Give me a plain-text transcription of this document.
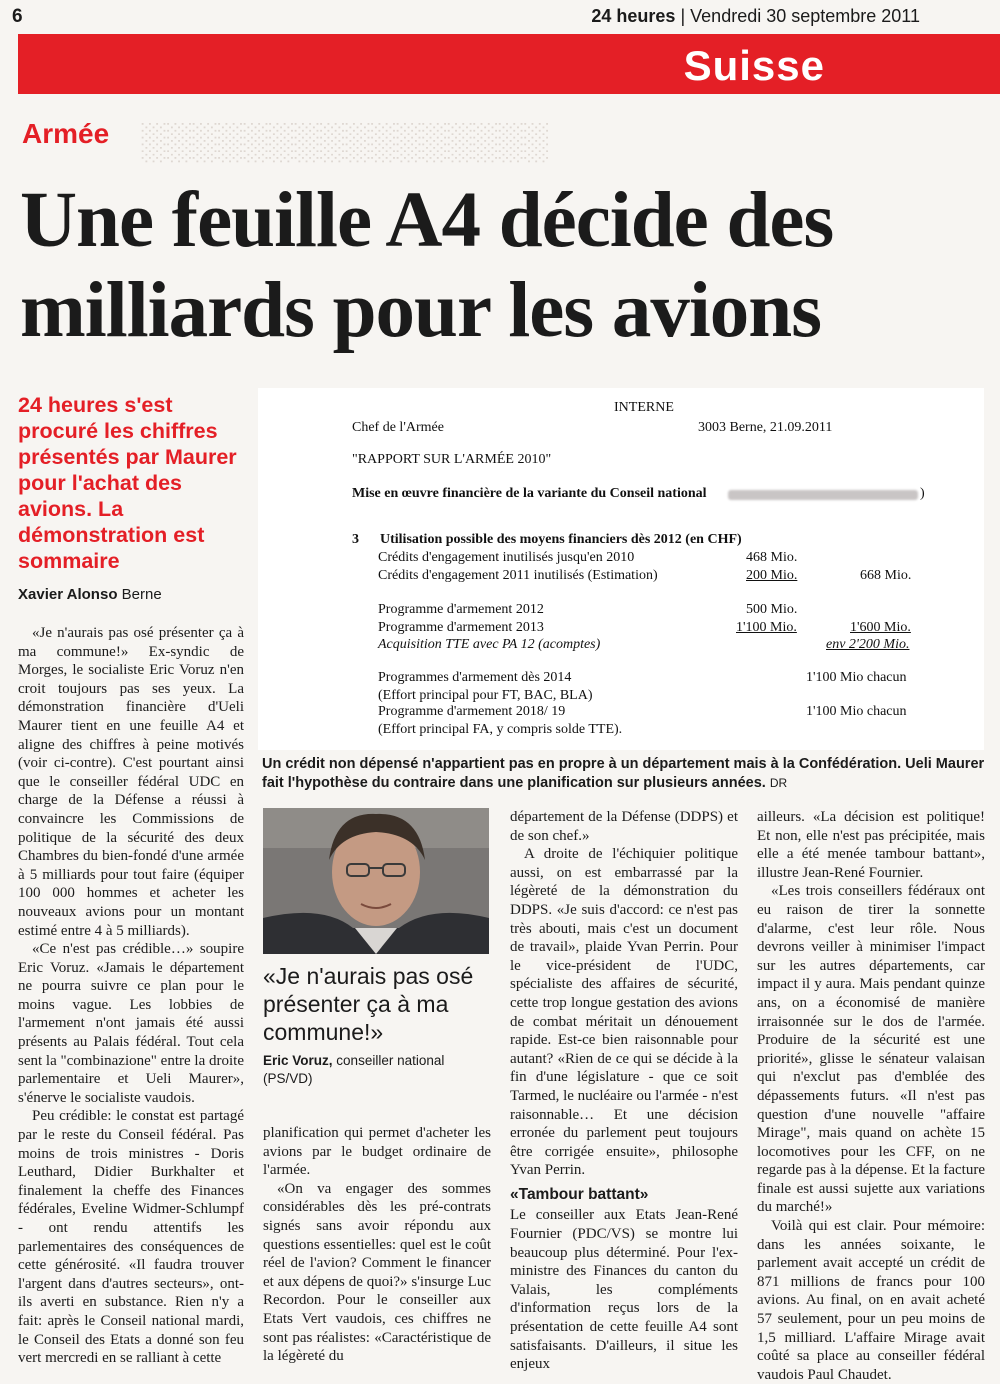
6	24 heures | Vendredi 30 septembre 2011
Suisse
░░░░░░░░░░░░░░░░
Armée
Une feuille A4 décide des milliards pour les avions
24 heures s'est procuré les chiffres présentés par Maurer pour l'achat des avions. La démonstration est sommaire
Xavier Alonso Berne
INTERNE
Chef de l'Armée	3003 Berne, 21.09.2011
"RAPPORT SUR L'ARMÉE 2010"
Mise en œuvre financière de la variante du Conseil national	)
3 Utilisation possible des moyens financiers dès 2012 (en CHF)
Crédits d'engagement inutilisés jusqu'en 2010	468 Mio.
Crédits d'engagement 2011 inutilisés (Estimation)	200 Mio.	668 Mio.
Programme d'armement 2012	500 Mio.
Programme d'armement 2013	1'100 Mio.	1'600 Mio.
Acquisition TTE avec PA 12 (acomptes)	env 2'200 Mio.
Programmes d'armement dès 2014	1'100 Mio chacun
(Effort principal pour FT, BAC, BLA)
Programme d'armement 2018/ 19	1'100 Mio chacun
(Effort principal FA, y compris solde TTE).
Un crédit non dépensé n'appartient pas en propre à un département mais à la Confédération. Ueli Maurer fait l'hypothèse du contraire dans une planification sur plusieurs années. DR
«Je n'aurais pas osé présenter ça à ma commune!»
Eric Voruz, conseiller national (PS/VD)

«Je n'aurais pas osé présenter ça à ma commune!» Ex-syndic de Morges, le socialiste Eric Voruz n'en croit toujours pas ses yeux. La démonstration financière d'Ueli Maurer tient en une feuille A4 et aligne des chiffres à peine motivés (voir ci-contre). C'est pourtant ainsi que le conseiller fédéral UDC en charge de la Défense a réussi à convaincre les Commissions de politique de la sécurité des deux Chambres du bien-fondé d'une armée à 5 milliards pour tout faire (équiper 100 000 hommes et acheter les nouveaux avions pour un montant estimé entre 4 à 5 milliards).

«Ce n'est pas crédible…» soupire Eric Voruz. «Jamais le département ne pourra suivre ce plan pour le moins vague. Les lobbies de l'armement n'ont jamais été aussi présents au Palais fédéral. Tout cela sent la "combinazione" entre la droite parlementaire et Ueli Maurer», s'énerve le socialiste vaudois.

Peu crédible: le constat est partagé par le reste du Conseil fédéral. Pas moins de trois ministres - Doris Leuthard, Didier Burkhalter et finalement la cheffe des Finances fédérales, Eveline Widmer-Schlumpf - ont rendu attentifs les parlementaires des conséquences de cette générosité. «Il faudra trouver l'argent dans d'autres secteurs», ont-ils averti en substance. Rien n'y a fait: après le Conseil national mardi, le Conseil des Etats a donné son feu vert mercredi en se ralliant à cette

planification qui permet d'acheter les avions par le budget ordinaire de l'armée.

«On va engager des sommes considérables dès les pré-contrats signés sans avoir répondu aux questions essentielles: quel est le coût réel de l'avion? Comment le financer et aux dépens de quoi?» s'insurge Luc Recordon. Pour le conseiller aux Etats Vert vaudois, ces chiffres ne sont pas réalistes: «Caractéristique de la légèreté du

département de la Défense (DDPS) et de son chef.»

A droite de l'échiquier politique aussi, on est embarrassé par la légèreté de la démonstration du DDPS. «Je suis d'accord: ce n'est pas très abouti, mais c'est un document de travail», plaide Yvan Perrin. Pour le vice-président de l'UDC, spécialiste des affaires de sécurité, cette trop longue gestation des avions de combat méritait un dénouement rapide. Est-ce bien raisonnable pour autant? «Rien de ce qui se décide à la fin d'une législature - que ce soit Tarmed, le nucléaire ou l'armée - n'est raisonnable… Et une décision erronée du parlement peut toujours être corrigée ensuite», philosophe Yvan Perrin.

«Tambour battant»

Le conseiller aux Etats Jean-René Fournier (PDC/VS) se montre lui beaucoup plus déterminé. Pour l'ex-ministre des Finances du canton du Valais, les compléments d'information reçus lors de la présentation de cette feuille A4 sont satisfaisants. D'ailleurs, il situe les enjeux

ailleurs. «La décision est politique! Et non, elle n'est pas précipitée, mais elle a été menée tambour battant», illustre Jean-René Fournier.

«Les trois conseillers fédéraux ont eu raison de tirer la sonnette d'alarme, c'est leur rôle. Nous devrons veiller à minimiser l'impact sur les autres départements, car impact il y aura. Mais pendant quinze ans, on a économisé de manière irraisonnée sur le dos de l'armée. Produire de la sécurité est une priorité», glisse le sénateur valaisan qui n'exclut pas d'emblée des dépassements futurs. «Il n'est pas question d'une nouvelle "affaire Mirage", mais quand on achète 15 locomotives pour les CFF, on ne regarde pas à la dépense. Et la facture finale est aussi sujette aux variations du marché!»

Voilà qui est clair. Pour mémoire: dans les années soixante, le parlement avait accepté un crédit de 871 millions de francs pour 100 avions. Au final, on en avait acheté 57 seulement, pour un peu moins de 1,5 milliard. L'affaire Mirage avait coûté sa place au conseiller fédéral vaudois Paul Chaudet.
